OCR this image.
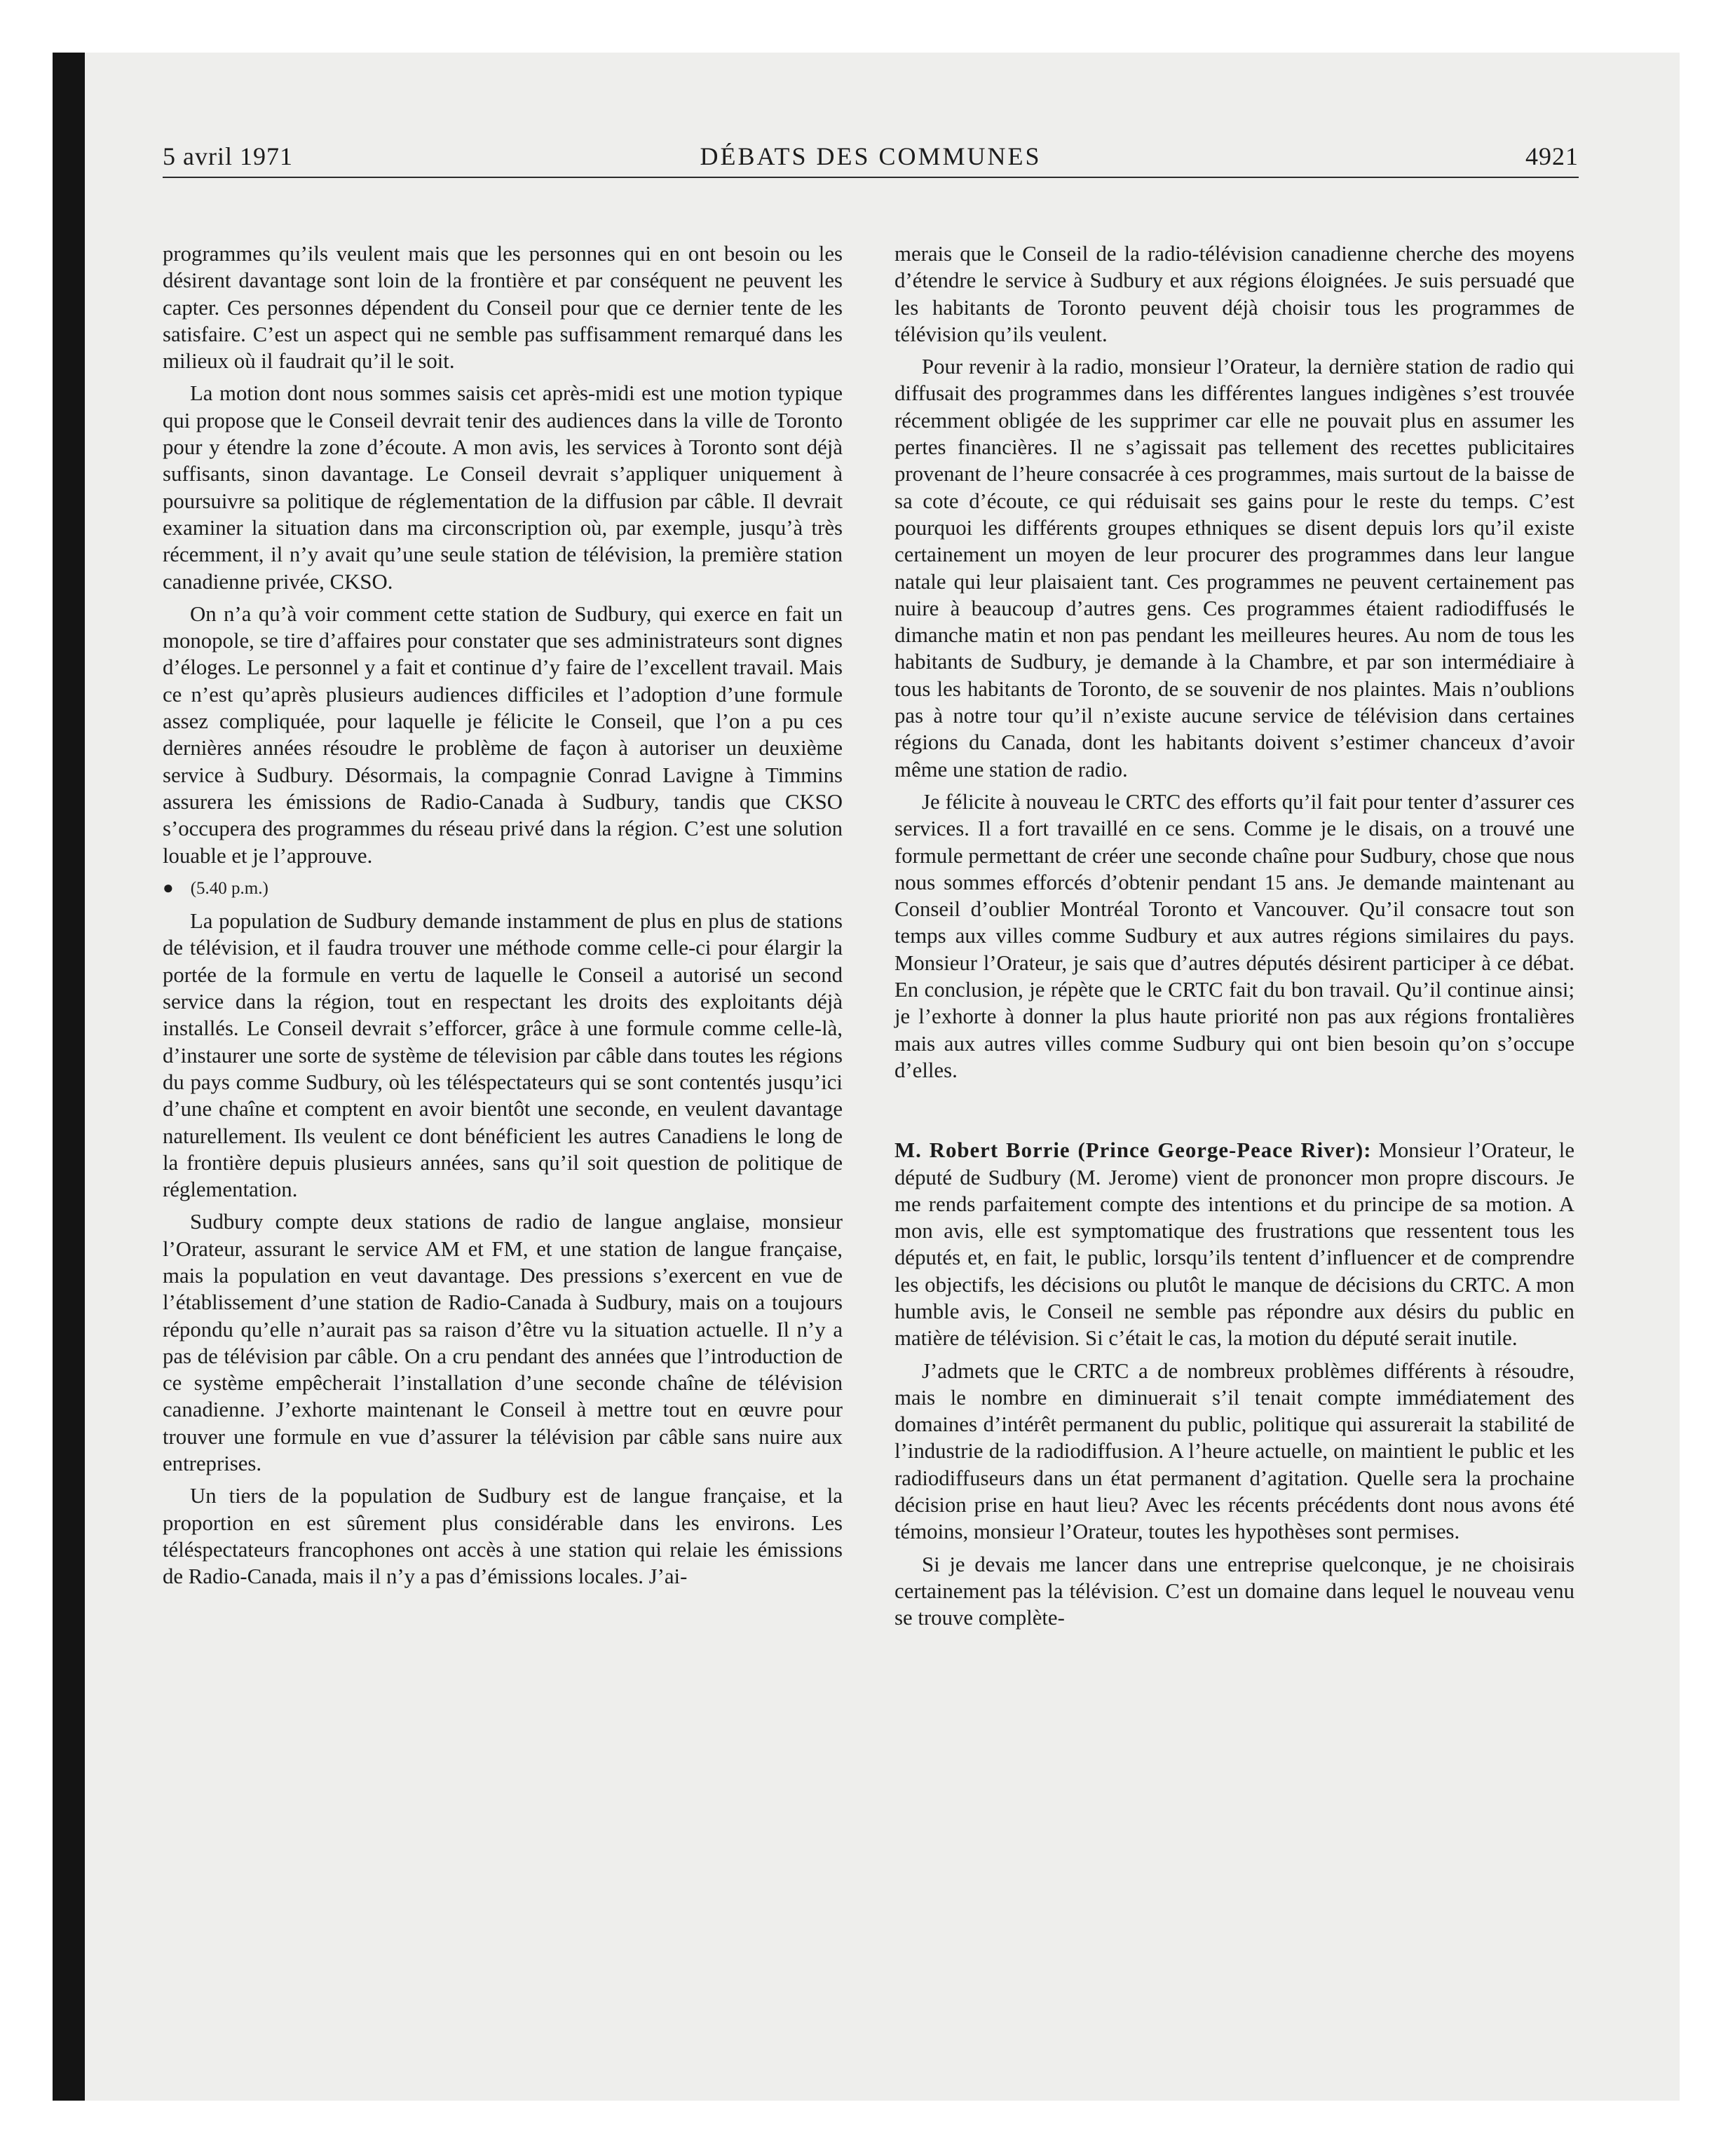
5 avril 1971	DÉBATS DES COMMUNES	4921

programmes qu’ils veulent mais que les personnes qui en ont besoin ou les désirent davantage sont loin de la frontière et par conséquent ne peuvent les capter. Ces personnes dépendent du Conseil pour que ce dernier tente de les satisfaire. C’est un aspect qui ne semble pas suffisamment remarqué dans les milieux où il faudrait qu’il le soit.

La motion dont nous sommes saisis cet après-midi est une motion typique qui propose que le Conseil devrait tenir des audiences dans la ville de Toronto pour y étendre la zone d’écoute. A mon avis, les services à Toronto sont déjà suffisants, sinon davantage. Le Conseil devrait s’appliquer uniquement à poursuivre sa politique de réglementation de la diffusion par câble. Il devrait examiner la situation dans ma circonscription où, par exemple, jusqu’à très récemment, il n’y avait qu’une seule station de télévision, la première station canadienne privée, CKSO.

On n’a qu’à voir comment cette station de Sudbury, qui exerce en fait un monopole, se tire d’affaires pour constater que ses administrateurs sont dignes d’éloges. Le personnel y a fait et continue d’y faire de l’excellent travail. Mais ce n’est qu’après plusieurs audiences difficiles et l’adoption d’une formule assez compliquée, pour laquelle je félicite le Conseil, que l’on a pu ces dernières années résoudre le problème de façon à autoriser un deuxième service à Sudbury. Désormais, la compagnie Conrad Lavigne à Timmins assurera les émissions de Radio-Canada à Sudbury, tandis que CKSO s’occupera des programmes du réseau privé dans la région. C’est une solution louable et je l’approuve.

● (5.40 p.m.)

La population de Sudbury demande instamment de plus en plus de stations de télévision, et il faudra trouver une méthode comme celle-ci pour élargir la portée de la formule en vertu de laquelle le Conseil a autorisé un second service dans la région, tout en respectant les droits des exploitants déjà installés. Le Conseil devrait s’efforcer, grâce à une formule comme celle-là, d’instaurer une sorte de système de télevision par câble dans toutes les régions du pays comme Sudbury, où les téléspectateurs qui se sont contentés jusqu’ici d’une chaîne et comptent en avoir bientôt une seconde, en veulent davantage naturellement. Ils veulent ce dont bénéficient les autres Canadiens le long de la frontière depuis plusieurs années, sans qu’il soit question de politique de réglementation.

Sudbury compte deux stations de radio de langue anglaise, monsieur l’Orateur, assurant le service AM et FM, et une station de langue française, mais la population en veut davantage. Des pressions s’exercent en vue de l’établissement d’une station de Radio-Canada à Sudbury, mais on a toujours répondu qu’elle n’aurait pas sa raison d’être vu la situation actuelle. Il n’y a pas de télévision par câble. On a cru pendant des années que l’introduction de ce système empêcherait l’installation d’une seconde chaîne de télévision canadienne. J’exhorte maintenant le Conseil à mettre tout en œuvre pour trouver une formule en vue d’assurer la télévision par câble sans nuire aux entreprises.

Un tiers de la population de Sudbury est de langue française, et la proportion en est sûrement plus considérable dans les environs. Les téléspectateurs francophones ont accès à une station qui relaie les émissions de Radio-Canada, mais il n’y a pas d’émissions locales. J’ai-

merais que le Conseil de la radio-télévision canadienne cherche des moyens d’étendre le service à Sudbury et aux régions éloignées. Je suis persuadé que les habitants de Toronto peuvent déjà choisir tous les programmes de télévision qu’ils veulent.

Pour revenir à la radio, monsieur l’Orateur, la dernière station de radio qui diffusait des programmes dans les différentes langues indigènes s’est trouvée récemment obligée de les supprimer car elle ne pouvait plus en assumer les pertes financières. Il ne s’agissait pas tellement des recettes publicitaires provenant de l’heure consacrée à ces programmes, mais surtout de la baisse de sa cote d’écoute, ce qui réduisait ses gains pour le reste du temps. C’est pourquoi les différents groupes ethniques se disent depuis lors qu’il existe certainement un moyen de leur procurer des programmes dans leur langue natale qui leur plaisaient tant. Ces programmes ne peuvent certainement pas nuire à beaucoup d’autres gens. Ces programmes étaient radiodiffusés le dimanche matin et non pas pendant les meilleures heures. Au nom de tous les habitants de Sudbury, je demande à la Chambre, et par son intermédiaire à tous les habitants de Toronto, de se souvenir de nos plaintes. Mais n’oublions pas à notre tour qu’il n’existe aucune service de télévision dans certaines régions du Canada, dont les habitants doivent s’estimer chanceux d’avoir même une station de radio.

Je félicite à nouveau le CRTC des efforts qu’il fait pour tenter d’assurer ces services. Il a fort travaillé en ce sens. Comme je le disais, on a trouvé une formule permettant de créer une seconde chaîne pour Sudbury, chose que nous nous sommes efforcés d’obtenir pendant 15 ans. Je demande maintenant au Conseil d’oublier Montréal Toronto et Vancouver. Qu’il consacre tout son temps aux villes comme Sudbury et aux autres régions similaires du pays. Monsieur l’Orateur, je sais que d’autres députés désirent participer à ce débat. En conclusion, je répète que le CRTC fait du bon travail. Qu’il continue ainsi; je l’exhorte à donner la plus haute priorité non pas aux régions frontalières mais aux autres villes comme Sudbury qui ont bien besoin qu’on s’occupe d’elles.

M. Robert Borrie (Prince George-Peace River): Monsieur l’Orateur, le député de Sudbury (M. Jerome) vient de prononcer mon propre discours. Je me rends parfaitement compte des intentions et du principe de sa motion. A mon avis, elle est symptomatique des frustrations que ressentent tous les députés et, en fait, le public, lorsqu’ils tentent d’influencer et de comprendre les objectifs, les décisions ou plutôt le manque de décisions du CRTC. A mon humble avis, le Conseil ne semble pas répondre aux désirs du public en matière de télévision. Si c’était le cas, la motion du député serait inutile.

J’admets que le CRTC a de nombreux problèmes différents à résoudre, mais le nombre en diminuerait s’il tenait compte immédiatement des domaines d’intérêt permanent du public, politique qui assurerait la stabilité de l’industrie de la radiodiffusion. A l’heure actuelle, on maintient le public et les radiodiffuseurs dans un état permanent d’agitation. Quelle sera la prochaine décision prise en haut lieu? Avec les récents précédents dont nous avons été témoins, monsieur l’Orateur, toutes les hypothèses sont permises.

Si je devais me lancer dans une entreprise quelconque, je ne choisirais certainement pas la télévision. C’est un domaine dans lequel le nouveau venu se trouve complète-
